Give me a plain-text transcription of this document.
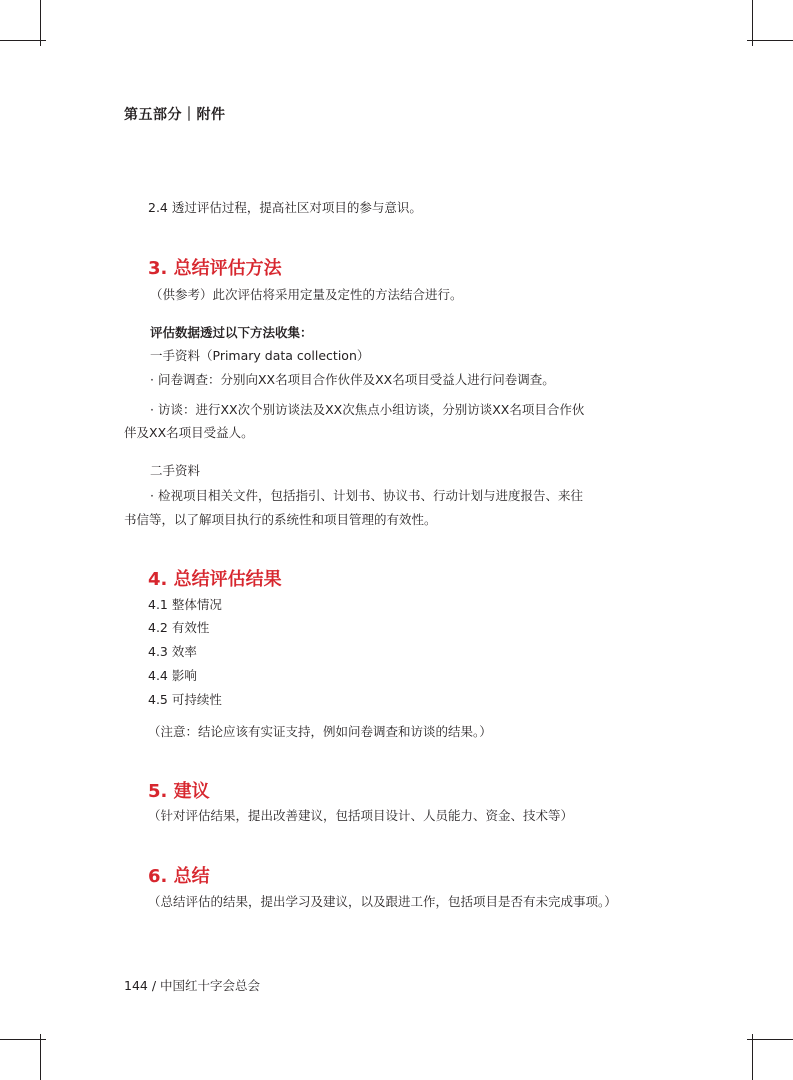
第五部分｜附件
2.4 透过评估过程，提高社区对项目的参与意识。
3. 总结评估方法
（供参考）此次评估将采用定量及定性的方法结合进行。
评估数据透过以下方法收集：
一手资料（Primary data collection）
· 问卷调查：分别向XX名项目合作伙伴及XX名项目受益人进行问卷调查。
· 访谈：进行XX次个别访谈法及XX次焦点小组访谈，分别访谈XX名项目合作伙
伴及XX名项目受益人。
二手资料
· 检视项目相关文件，包括指引、计划书、协议书、行动计划与进度报告、来往
书信等，以了解项目执行的系统性和项目管理的有效性。
4. 总结评估结果
4.1 整体情况
4.2 有效性
4.3 效率
4.4 影响
4.5 可持续性
（注意：结论应该有实证支持，例如问卷调查和访谈的结果。）
5. 建议
（针对评估结果，提出改善建议，包括项目设计、人员能力、资金、技术等）
6. 总结
（总结评估的结果，提出学习及建议，以及跟进工作，包括项目是否有未完成事项。）
144 / 中国红十字会总会
